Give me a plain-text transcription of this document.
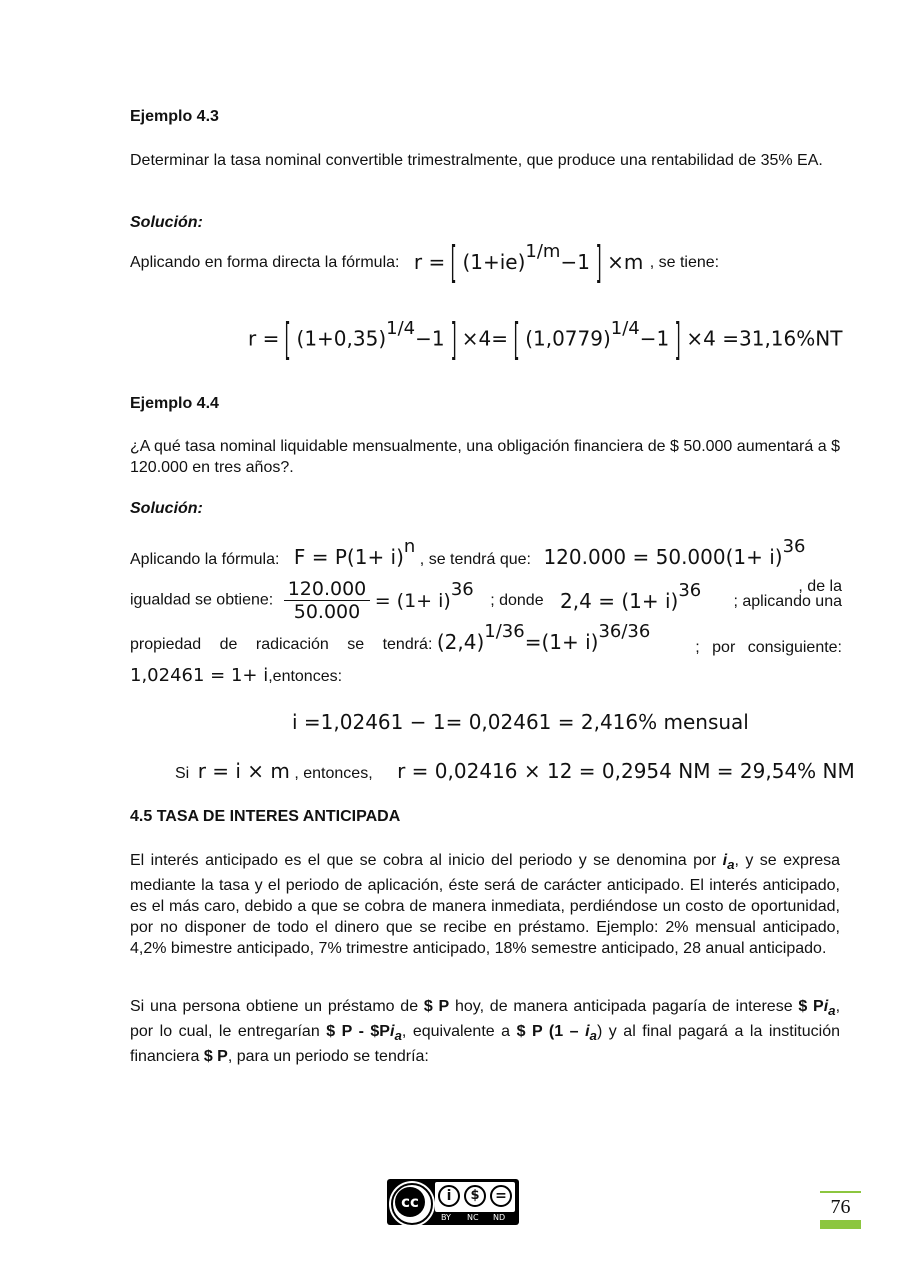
Ejemplo 4.3

Determinar la tasa nominal convertible trimestralmente, que produce una rentabilidad de 35% EA.

Solución:
Aplicando en forma directa la fórmula: r = [ (1+ie)1/m−1 ] ×m , se tiene:
r = [ (1+0,35)1/4−1 ] ×4= [ (1,0779)1/4−1 ] ×4 =31,16%NT
Ejemplo 4.4

¿A qué tasa nominal liquidable mensualmente, una obligación financiera de $ 50.000 aumentará a $ 120.000 en tres años?.

Solución:
Aplicando la fórmula: F = P(1+ i)n , se tendrá que: 120.000 = 50.000(1+ i)36
, de la
igualdad se obtiene: $\frac{120.000}{50.000} = (1+ i)36$ ; donde 2,4 = (1+ i)36
; aplicando una
propiedad de radicación se tendrá: (2,4)1/36=(1+ i)36/36
; por consiguiente:
1,02461 = 1+ i,entonces:
i =1,02461 − 1= 0,02461 = 2,416% mensual
Si r = i × m , entonces, r = 0,02416 × 12 = 0,2954 NM = 29,54% NM
4.5 TASA DE INTERES ANTICIPADA

El interés anticipado es el que se cobra al inicio del periodo y se denomina por $i_a$, y se expresa mediante la tasa y el periodo de aplicación, éste será de carácter anticipado. El interés anticipado, es el más caro, debido a que se cobra de manera inmediata, perdiéndose un costo de oportunidad, por no disponer de todo el dinero que se recibe en préstamo. Ejemplo: 2% mensual anticipado, 4,2% bimestre anticipado, 7% trimestre anticipado, 18% semestre anticipado, 28 anual anticipado.

Si una persona obtiene un préstamo de $ P hoy, de manera anticipada pagaría de interese $ $Pi_a$, por lo cual, le entregarían $ P - $\$Pi_a$, equivalente a $ P $(1 - i_a)$ y al final pagará a la institución financiera $ P, para un periodo se tendría:

cc	i	$	=
BY NC ND	76
